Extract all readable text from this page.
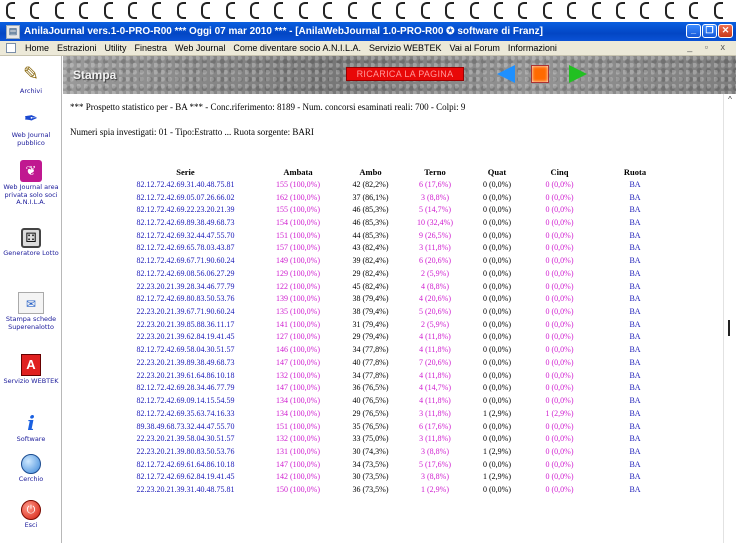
▤ AnilaJournal vers.1-0-PRO-R00 *** Oggi 07 mar 2010 *** - [AnilaWebJournal 1.0-PRO-R00 ✪ software di Franz]	_	❐ ✕
Home Estrazioni Utility Finestra Web Journal Come diventare socio A.N.I.L.A. Servizio WEBTEK Vai al Forum Informazioni	_ ▫ x
✎
Archivi
✒
Web Journal pubblico
❦
Web Journal area privata solo soci A.N.I.L.A.
⚃
Generatore Lotto
✉
Stampa schede Superenalotto
A
Servizio WEBTEK
i
Software
Cerchio
⏻
Esci
Stampa	RICARICA LA PAGINA
*** Prospetto statistico per - BA *** - Conc.riferimento: 8189 - Num. concorsi esaminati reali: 700 - Colpi: 9
Numeri spia investigati: 01 - Tipo:Estratto ... Ruota sorgente: BARI
Serie	Ambata	Ambo	Terno	Quat	Cinq	Ruota
82.12.72.42.69.31.40.48.75.81	155 (100,0%)	42 (82,2%)	6 (17,6%)	0 (0,0%)	0 (0,0%)	BA
82.12.72.42.69.05.07.26.66.02	162 (100,0%)	37 (86,1%)	3 (8,8%)	0 (0,0%)	0 (0,0%)	BA
82.12.72.42.69.22.23.20.21.39	155 (100,0%)	46 (85,3%)	5 (14,7%)	0 (0,0%)	0 (0,0%)	BA
82.12.72.42.69.89.38.49.68.73	154 (100,0%)	46 (85,3%)	10 (32,4%)	0 (0,0%)	0 (0,0%)	BA
82.12.72.42.69.32.44.47.55.70	151 (100,0%)	44 (85,3%)	9 (26,5%)	0 (0,0%)	0 (0,0%)	BA
82.12.72.42.69.65.78.03.43.87	157 (100,0%)	43 (82,4%)	3 (11,8%)	0 (0,0%)	0 (0,0%)	BA
82.12.72.42.69.67.71.90.60.24	149 (100,0%)	39 (82,4%)	6 (20,6%)	0 (0,0%)	0 (0,0%)	BA
82.12.72.42.69.08.56.06.27.29	129 (100,0%)	29 (82,4%)	2 (5,9%)	0 (0,0%)	0 (0,0%)	BA
22.23.20.21.39.28.34.46.77.79	122 (100,0%)	45 (82,4%)	4 (8,8%)	0 (0,0%)	0 (0,0%)	BA
82.12.72.42.69.80.83.50.53.76	139 (100,0%)	38 (79,4%)	4 (20,6%)	0 (0,0%)	0 (0,0%)	BA
22.23.20.21.39.67.71.90.60.24	135 (100,0%)	38 (79,4%)	5 (20,6%)	0 (0,0%)	0 (0,0%)	BA
22.23.20.21.39.85.88.36.11.17	141 (100,0%)	31 (79,4%)	2 (5,9%)	0 (0,0%)	0 (0,0%)	BA
22.23.20.21.39.62.84.19.41.45	127 (100,0%)	29 (79,4%)	4 (11,8%)	0 (0,0%)	0 (0,0%)	BA
82.12.72.42.69.58.04.30.51.57	146 (100,0%)	34 (77,8%)	4 (11,8%)	0 (0,0%)	0 (0,0%)	BA
22.23.20.21.39.89.38.49.68.73	147 (100,0%)	40 (77,8%)	7 (20,6%)	0 (0,0%)	0 (0,0%)	BA
22.23.20.21.39.61.64.86.10.18	132 (100,0%)	34 (77,8%)	4 (11,8%)	0 (0,0%)	0 (0,0%)	BA
82.12.72.42.69.28.34.46.77.79	147 (100,0%)	36 (76,5%)	4 (14,7%)	0 (0,0%)	0 (0,0%)	BA
82.12.72.42.69.09.14.15.54.59	134 (100,0%)	40 (76,5%)	4 (11,8%)	0 (0,0%)	0 (0,0%)	BA
82.12.72.42.69.35.63.74.16.33	134 (100,0%)	29 (76,5%)	3 (11,8%)	1 (2,9%)	1 (2,9%)	BA
89.38.49.68.73.32.44.47.55.70	151 (100,0%)	35 (76,5%)	6 (17,6%)	0 (0,0%)	0 (0,0%)	BA
22.23.20.21.39.58.04.30.51.57	132 (100,0%)	33 (75,0%)	3 (11,8%)	0 (0,0%)	0 (0,0%)	BA
22.23.20.21.39.80.83.50.53.76	131 (100,0%)	30 (74,3%)	3 (8,8%)	1 (2,9%)	0 (0,0%)	BA
82.12.72.42.69.61.64.86.10.18	147 (100,0%)	34 (73,5%)	5 (17,6%)	0 (0,0%)	0 (0,0%)	BA
82.12.72.42.69.62.84.19.41.45	142 (100,0%)	30 (73,5%)	3 (8,8%)	1 (2,9%)	0 (0,0%)	BA
22.23.20.21.39.31.40.48.75.81	150 (100,0%)	36 (73,5%)	1 (2,9%)	0 (0,0%)	0 (0,0%)	BA
^
